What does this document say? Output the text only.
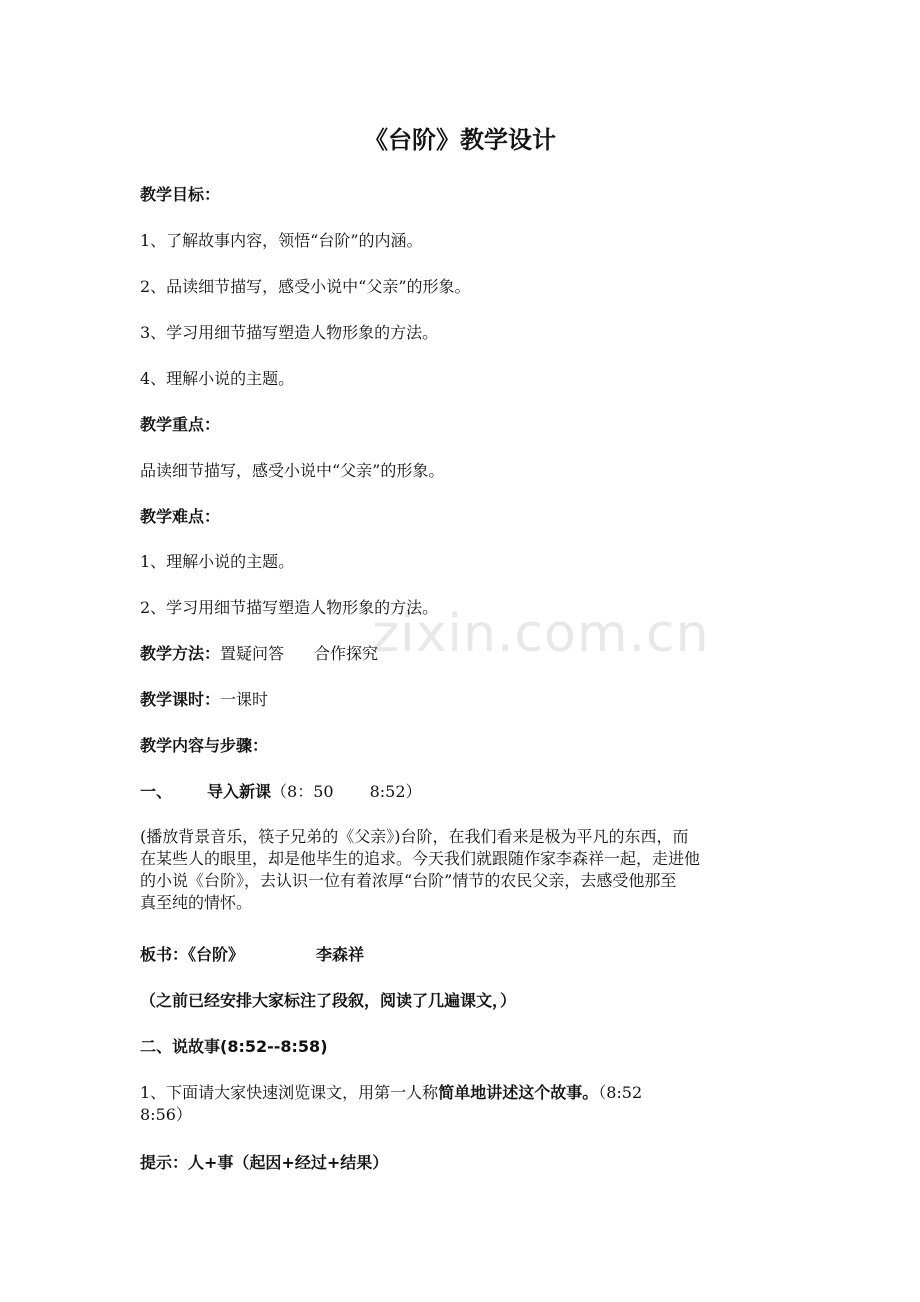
zixin.com.cn
《台阶》教学设计
教学目标：
1、了解故事内容，领悟“台阶”的内涵。
2、品读细节描写，感受小说中“父亲”的形象。
3、学习用细节描写塑造人物形象的方法。
4、理解小说的主题。
教学重点：
品读细节描写，感受小说中“父亲”的形象。
教学难点：
1、理解小说的主题。
2、学习用细节描写塑造人物形象的方法。
教学方法：置疑问答 合作探究
教学课时：一课时
教学内容与步骤：
一、 导入新课（8：50 8:52）
(播放背景音乐，筷子兄弟的《父亲》)台阶，在我们看来是极为平凡的东西，而
在某些人的眼里，却是他毕生的追求。今天我们就跟随作家李森祥一起，走进他
的小说《台阶》，去认识一位有着浓厚“台阶”情节的农民父亲，去感受他那至
真至纯的情怀。
板书：《台阶》	李森祥
（之前已经安排大家标注了段叙，阅读了几遍课文，）
二、说故事(8:52--8:58)
1、下面请大家快速浏览课文，用第一人称简单地讲述这个故事。（8:52
8:56）
提示：人+事（起因+经过+结果）
